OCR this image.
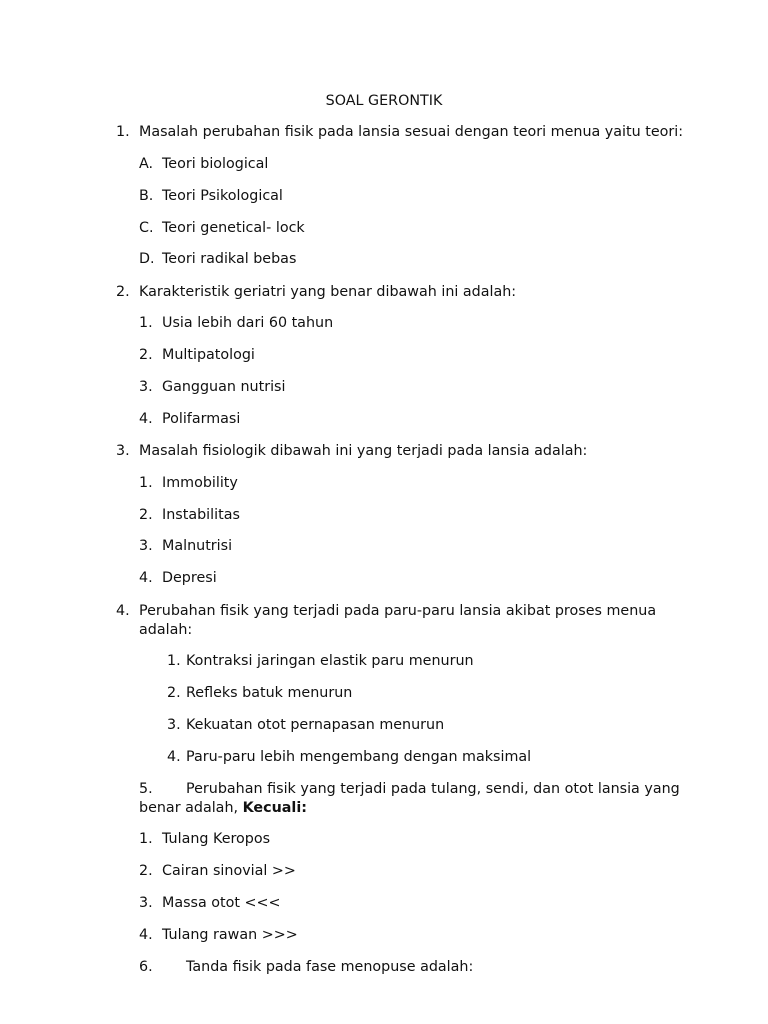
SOAL GERONTIK
1. Masalah perubahan fisik pada lansia sesuai dengan teori menua yaitu teori:
A. Teori biological
B. Teori Psikological
C. Teori genetical- lock
D. Teori radikal bebas
2. Karakteristik geriatri yang benar dibawah ini adalah:
1. Usia lebih dari 60 tahun
2. Multipatologi
3. Gangguan nutrisi
4. Polifarmasi
3. Masalah fisiologik dibawah ini yang terjadi pada lansia adalah:
1. Immobility
2. Instabilitas
3. Malnutrisi
4. Depresi
4. Perubahan fisik yang terjadi pada paru-paru lansia akibat proses menua
adalah:
1. Kontraksi jaringan elastik paru menurun
2. Refleks batuk menurun
3. Kekuatan otot pernapasan menurun
4. Paru-paru lebih mengembang dengan maksimal
5. Perubahan fisik yang terjadi pada tulang, sendi, dan otot lansia yang
benar adalah, Kecuali:
1. Tulang Keropos
2. Cairan sinovial >>
3. Massa otot <<<
4. Tulang rawan >>>
6. Tanda fisik pada fase menopuse adalah:
